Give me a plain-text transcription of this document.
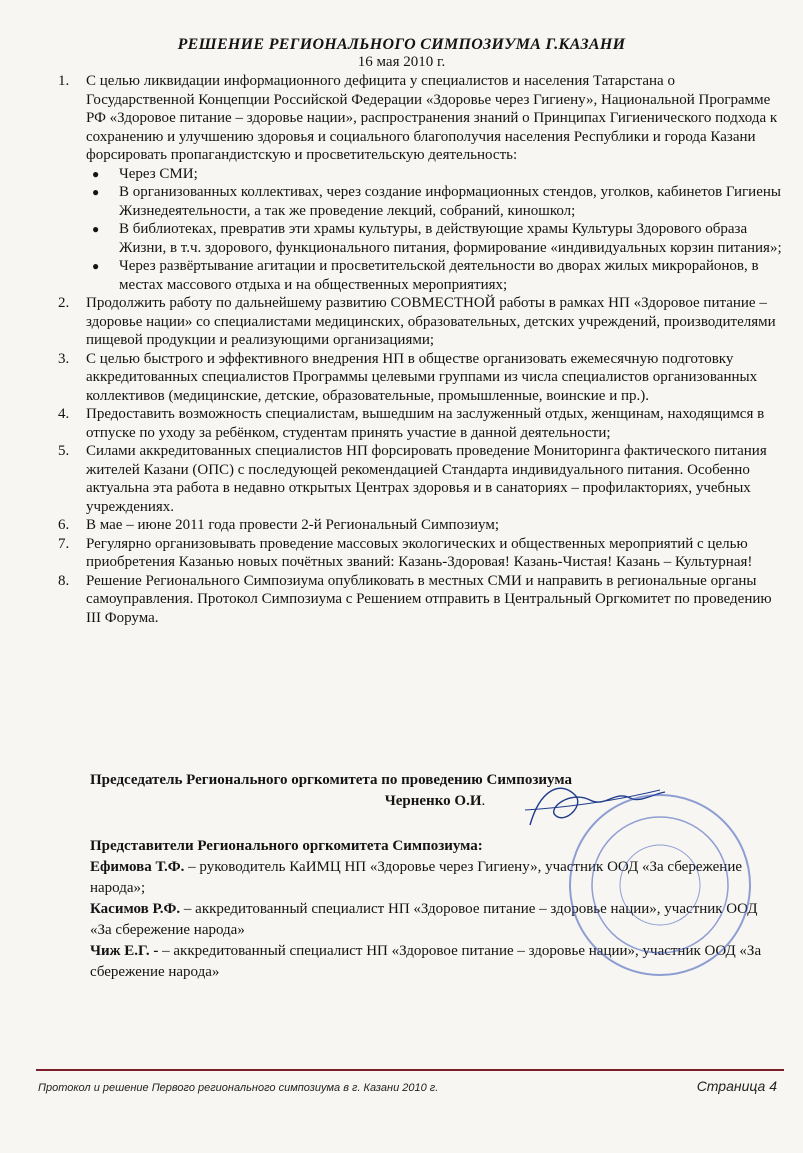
РЕШЕНИЕ РЕГИОНАЛЬНОГО СИМПОЗИУМА Г.КАЗАНИ
16 мая 2010 г.
1. С целью ликвидации информационного дефицита у специалистов и населения Татарстана о Государственной Концепции Российской Федерации «Здоровье через Гигиену», Национальной Программе РФ «Здоровое питание – здоровье нации», распространения знаний о Принципах Гигиенического подхода к сохранению и улучшению здоровья и социального благополучия населения Республики и города Казани форсировать пропагандистскую и просветительскую деятельность:
● Через СМИ;
● В организованных коллективах, через создание информационных стендов, уголков, кабинетов Гигиены Жизнедеятельности, а так же проведение лекций, собраний, киношкол;
● В библиотеках, превратив эти храмы культуры, в действующие храмы Культуры Здорового образа Жизни, в т.ч. здорового, функционального питания, формирование «индивидуальных корзин питания»;
● Через развёртывание агитации и просветительской деятельности во дворах жилых микрорайонов, в местах массового отдыха и на общественных мероприятиях;
2. Продолжить работу по дальнейшему развитию СОВМЕСТНОЙ работы в рамках НП «Здоровое питание – здоровье нации» со специалистами медицинских, образовательных, детских учреждений, производителями пищевой продукции и реализующими организациями;
3. С целью быстрого и эффективного внедрения НП в обществе организовать ежемесячную подготовку аккредитованных специалистов Программы целевыми группами из числа специалистов организованных коллективов (медицинские, детские, образовательные, промышленные, воинские и пр.).
4. Предоставить возможность специалистам, вышедшим на заслуженный отдых, женщинам, находящимся в отпуске по уходу за ребёнком, студентам принять участие в данной деятельности;
5. Силами аккредитованных специалистов НП форсировать проведение Мониторинга фактического питания жителей Казани (ОПС) с последующей рекомендацией Стандарта индивидуального питания. Особенно актуальна эта работа в недавно открытых Центрах здоровья и в санаториях – профилакториях, учебных учреждениях.
6. В мае – июне 2011 года провести 2-й Региональный Симпозиум;
7. Регулярно организовывать проведение массовых экологических и общественных мероприятий с целью приобретения Казанью новых почётных званий: Казань-Здоровая! Казань-Чистая! Казань – Культурная!
8. Решение Регионального Симпозиума опубликовать в местных СМИ и направить в региональные органы самоуправления. Протокол Симпозиума с Решением отправить в Центральный Оргкомитет по проведению III Форума.
Председатель Регионального оргкомитета по проведению Симпозиума
Черненко О.И.
Представители Регионального оргкомитета Симпозиума:
Ефимова Т.Ф. – руководитель КаИМЦ НП «Здоровье через Гигиену», участник ООД «За сбережение народа»;
Касимов Р.Ф. – аккредитованный специалист НП «Здоровое питание – здоровье нации», участник ООД «За сбережение народа»
Чиж Е.Г. - – аккредитованный специалист НП «Здоровое питание – здоровье нации», участник ООД «За сбережение народа»
Протокол и решение Первого регионального симпозиума в г. Казани 2010 г.	Страница 4
